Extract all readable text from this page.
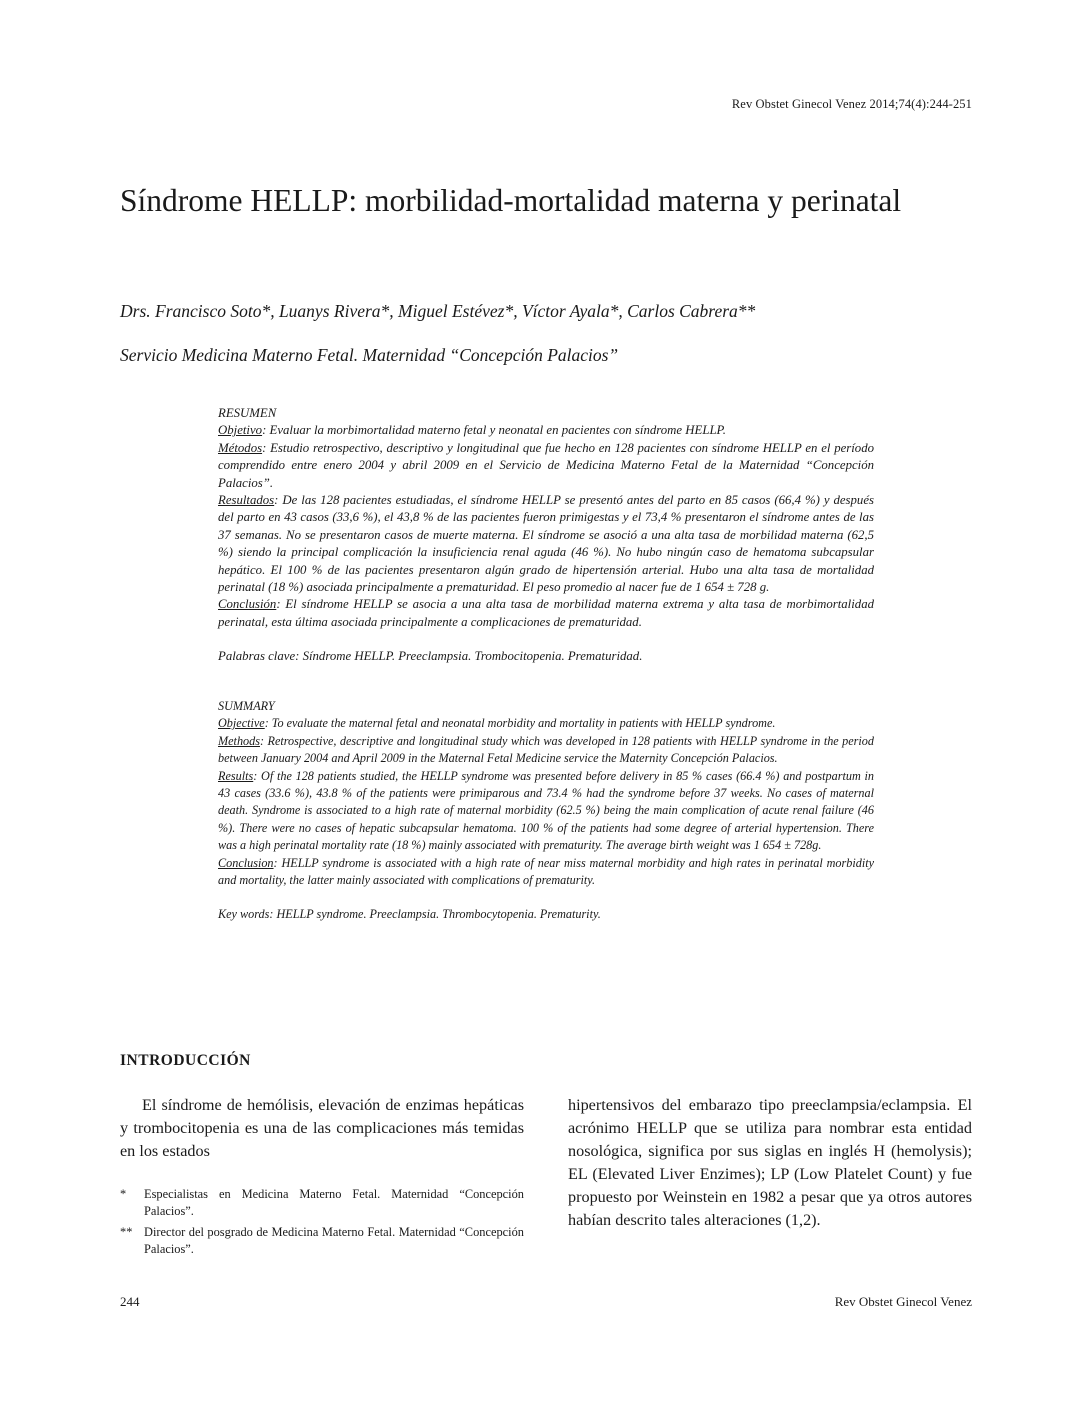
Rev Obstet Ginecol Venez 2014;74(4):244-251
Síndrome HELLP: morbilidad-mortalidad materna y perinatal
Drs. Francisco Soto*, Luanys Rivera*, Miguel Estévez*, Víctor Ayala*, Carlos Cabrera**
Servicio Medicina Materno Fetal. Maternidad “Concepción Palacios”

RESUMEN

Objetivo: Evaluar la morbimortalidad materno fetal y neonatal en pacientes con síndrome HELLP.

Métodos: Estudio retrospectivo, descriptivo y longitudinal que fue hecho en 128 pacientes con síndrome HELLP en el período comprendido entre enero 2004 y abril 2009 en el Servicio de Medicina Materno Fetal de la Maternidad “Concepción Palacios”.

Resultados: De las 128 pacientes estudiadas, el síndrome HELLP se presentó antes del parto en 85 casos (66,4 %) y después del parto en 43 casos (33,6 %), el 43,8 % de las pacientes fueron primigestas y el 73,4 % presentaron el síndrome antes de las 37 semanas. No se presentaron casos de muerte materna. El síndrome se asoció a una alta tasa de morbilidad materna (62,5 %) siendo la principal complicación la insuficiencia renal aguda (46 %). No hubo ningún caso de hematoma subcapsular hepático. El 100 % de las pacientes presentaron algún grado de hipertensión arterial. Hubo una alta tasa de mortalidad perinatal (18 %) asociada principalmente a prematuridad. El peso promedio al nacer fue de 1 654 ± 728 g.

Conclusión: El síndrome HELLP se asocia a una alta tasa de morbilidad materna extrema y alta tasa de morbimortalidad perinatal, esta última asociada principalmente a complicaciones de prematuridad.

Palabras clave: Síndrome HELLP. Preeclampsia. Trombocitopenia. Prematuridad.

SUMMARY

Objective: To evaluate the maternal fetal and neonatal morbidity and mortality in patients with HELLP syndrome.

Methods: Retrospective, descriptive and longitudinal study which was developed in 128 patients with HELLP syndrome in the period between January 2004 and April 2009 in the Maternal Fetal Medicine service the Maternity Concepción Palacios.

Results: Of the 128 patients studied, the HELLP syndrome was presented before delivery in 85 % cases (66.4 %) and postpartum in 43 cases (33.6 %), 43.8 % of the patients were primiparous and 73.4 % had the syndrome before 37 weeks. No cases of maternal death. Syndrome is associated to a high rate of maternal morbidity (62.5 %) being the main complication of acute renal failure (46 %). There were no cases of hepatic subcapsular hematoma. 100 % of the patients had some degree of arterial hypertension. There was a high perinatal mortality rate (18 %) mainly associated with prematurity. The average birth weight was 1 654 ± 728g.

Conclusion: HELLP syndrome is associated with a high rate of near miss maternal morbidity and high rates in perinatal morbidity and mortality, the latter mainly associated with complications of prematurity.

Key words: HELLP syndrome. Preeclampsia. Thrombocytopenia. Prematurity.

INTRODUCCIÓN

El síndrome de hemólisis, elevación de enzimas hepáticas y trombocitopenia es una de las complicaciones más temidas en los estados

hipertensivos del embarazo tipo preeclampsia/eclampsia. El acrónimo HELLP que se utiliza para nombrar esta entidad nosológica, significa por sus siglas en inglés H (hemolysis); EL (Elevated Liver Enzimes); LP (Low Platelet Count) y fue propuesto por Weinstein en 1982 a pesar que ya otros autores habían descrito tales alteraciones (1,2).

*	Especialistas en Medicina Materno Fetal. Maternidad “Concepción Palacios”.
** Director del posgrado de Medicina Materno Fetal. Maternidad “Concepción Palacios”.
244	Rev Obstet Ginecol Venez
